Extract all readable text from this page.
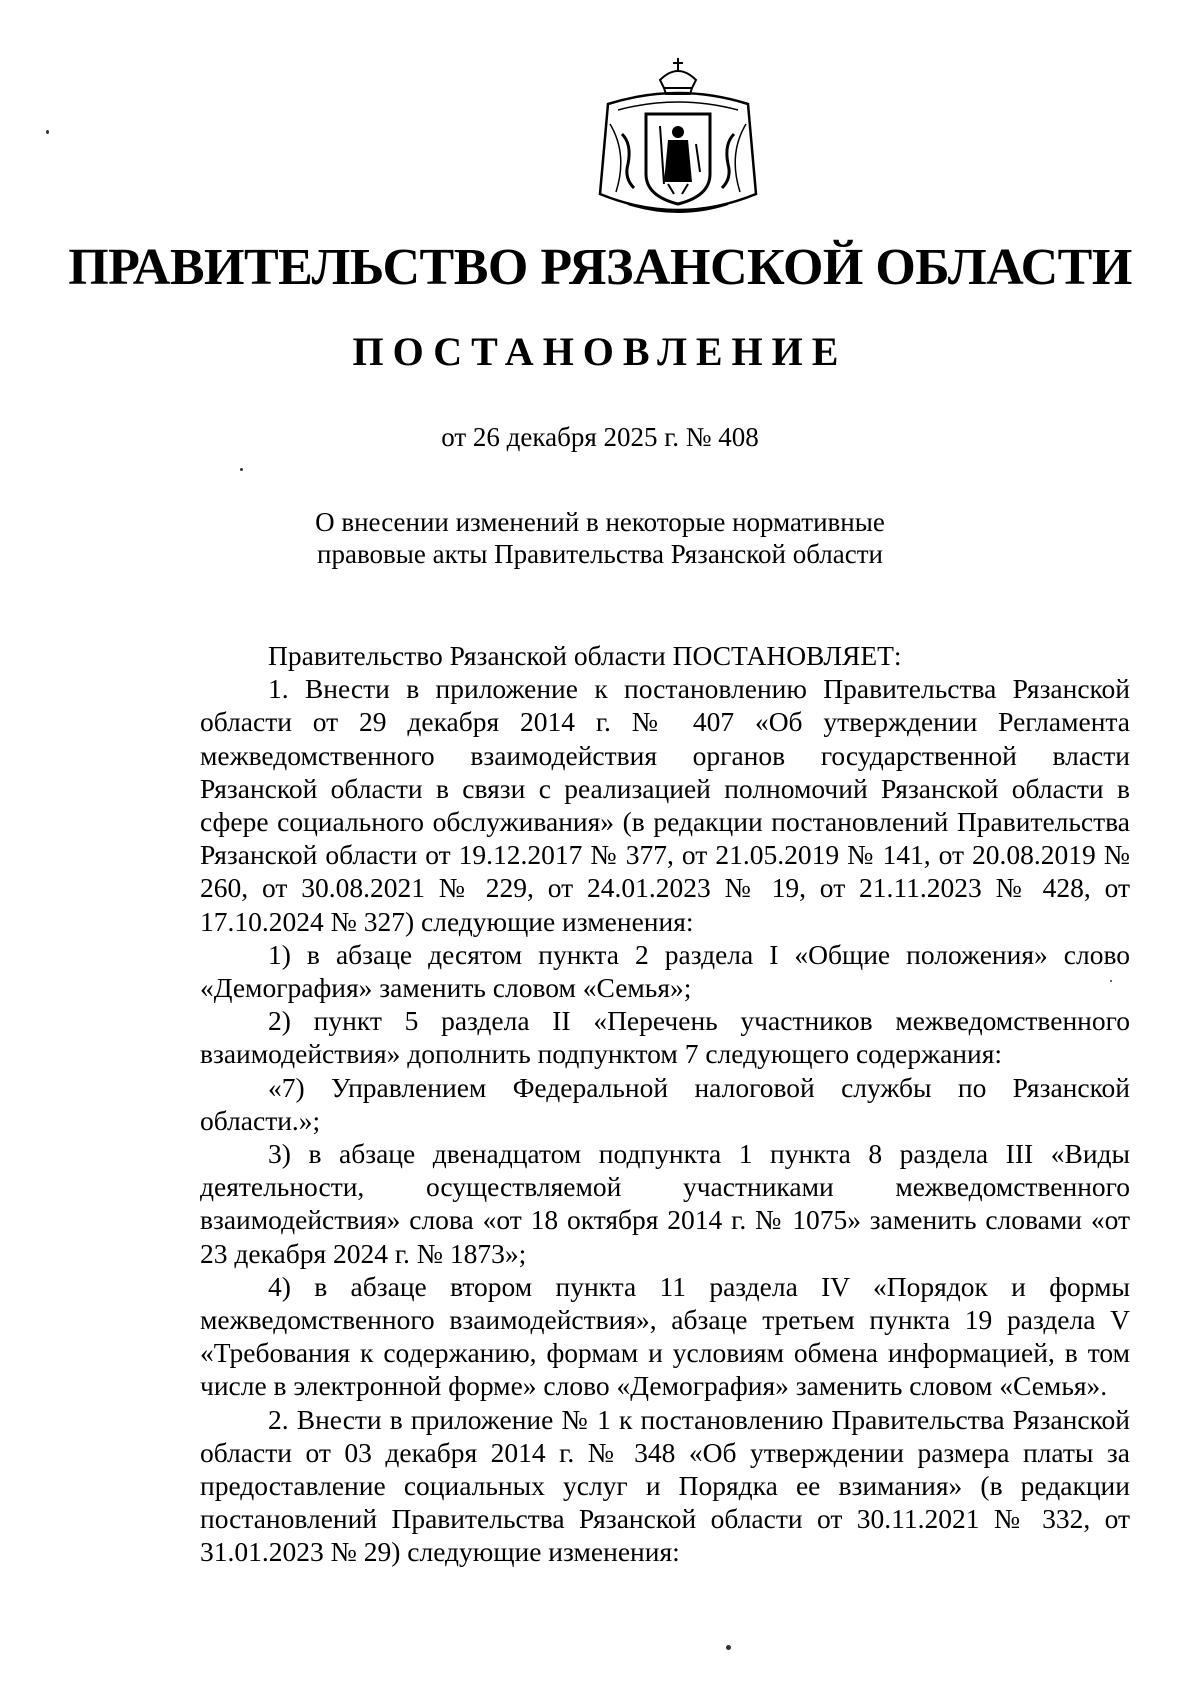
ПРАВИТЕЛЬСТВО РЯЗАНСКОЙ ОБЛАСТИ
ПОСТАНОВЛЕНИЕ
от 26 декабря 2025 г. № 408
О внесении изменений в некоторые нормативные
правовые акты Правительства Рязанской области

Правительство Рязанской области ПОСТАНОВЛЯЕТ:

1. Внести в приложение к постановлению Правительства Рязанской области от 29 декабря 2014 г. № 407 «Об утверждении Регламента межведомственного взаимодействия органов государственной власти Рязанской области в связи с реализацией полномочий Рязанской области в сфере социального обслуживания» (в редакции постановлений Правительства Рязанской области от 19.12.2017 № 377, от 21.05.2019 № 141, от 20.08.2019 № 260, от 30.08.2021 № 229, от 24.01.2023 № 19, от 21.11.2023 № 428, от 17.10.2024 № 327) следующие изменения:

1) в абзаце десятом пункта 2 раздела I «Общие положения» слово «Демография» заменить словом «Семья»;

2) пункт 5 раздела II «Перечень участников межведомственного взаимодействия» дополнить подпунктом 7 следующего содержания:

«7) Управлением Федеральной налоговой службы по Рязанской области.»;

3) в абзаце двенадцатом подпункта 1 пункта 8 раздела III «Виды деятельности, осуществляемой участниками межведомственного взаимодействия» слова «от 18 октября 2014 г. № 1075» заменить словами «от 23 декабря 2024 г. № 1873»;

4) в абзаце втором пункта 11 раздела IV «Порядок и формы межведомственного взаимодействия», абзаце третьем пункта 19 раздела V «Требования к содержанию, формам и условиям обмена информацией, в том числе в электронной форме» слово «Демография» заменить словом «Семья».

2. Внести в приложение № 1 к постановлению Правительства Рязанской области от 03 декабря 2014 г. № 348 «Об утверждении размера платы за предоставление социальных услуг и Порядка ее взимания» (в редакции постановлений Правительства Рязанской области от 30.11.2021 № 332, от 31.01.2023 № 29) следующие изменения:
